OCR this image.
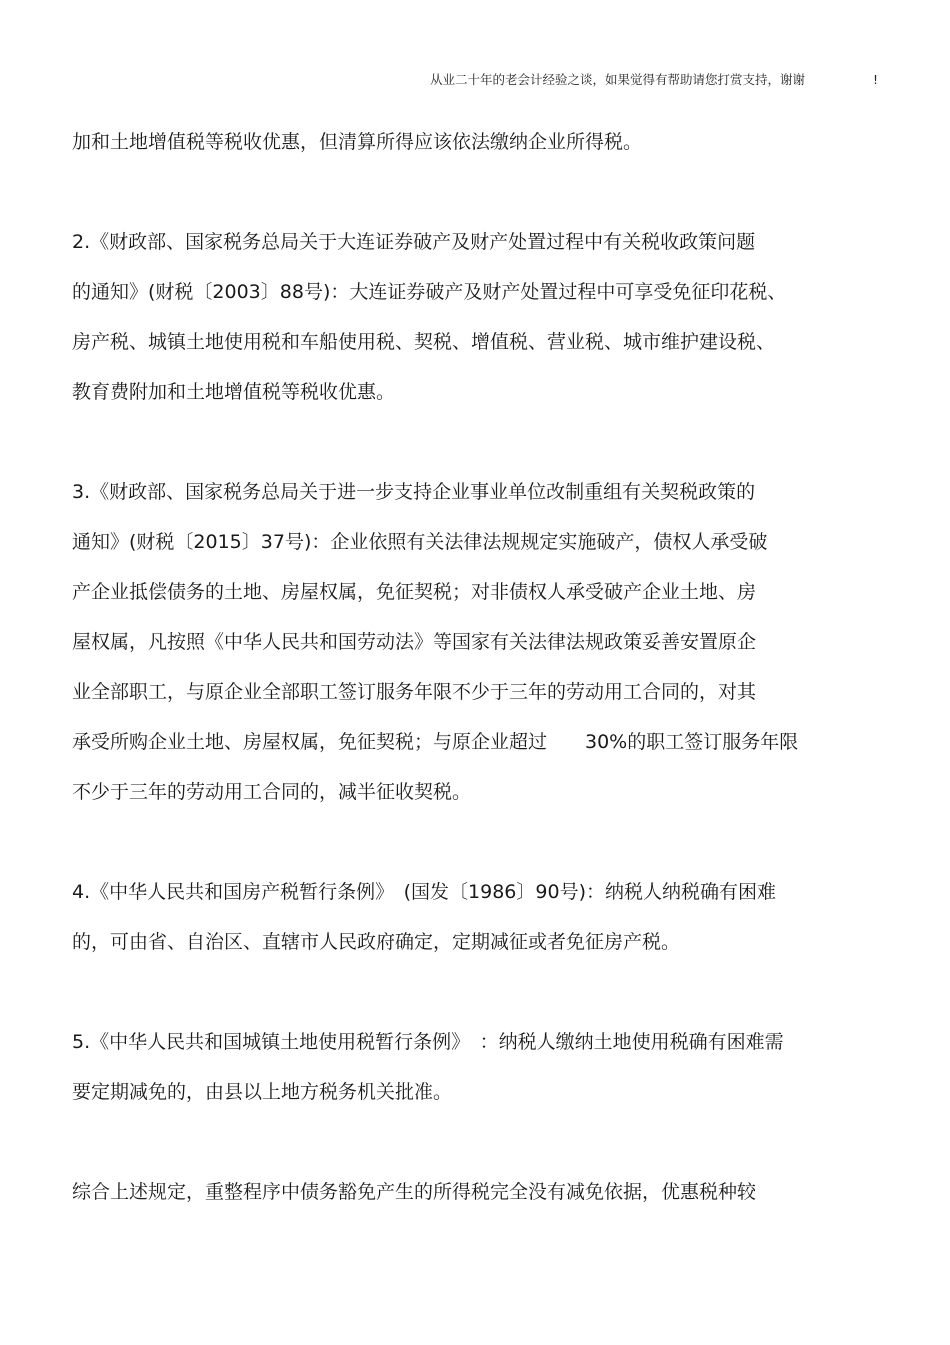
从业二十年的老会计经验之谈，如果觉得有帮助请您打赏支持，谢谢	!
加和土地增值税等税收优惠，但清算所得应该依法缴纳企业所得税。
2.《财政部、国家税务总局关于大连证券破产及财产处置过程中有关税收政策问题
的通知》(财税〔2003〕88号)：大连证券破产及财产处置过程中可享受免征印花税、
房产税、城镇土地使用税和车船使用税、契税、增值税、营业税、城市维护建设税、
教育费附加和土地增值税等税收优惠。
3.《财政部、国家税务总局关于进一步支持企业事业单位改制重组有关契税政策的
通知》(财税〔2015〕37号)：企业依照有关法律法规规定实施破产，债权人承受破
产企业抵偿债务的土地、房屋权属，免征契税；对非债权人承受破产企业土地、房
屋权属，凡按照《中华人民共和国劳动法》等国家有关法律法规政策妥善安置原企
业全部职工，与原企业全部职工签订服务年限不少于三年的劳动用工合同的，对其
承受所购企业土地、房屋权属，免征契税；与原企业超过　　30%的职工签订服务年限
不少于三年的劳动用工合同的，减半征收契税。
4.《中华人民共和国房产税暂行条例》　(国发〔1986〕90号)：纳税人纳税确有困难
的，可由省、自治区、直辖市人民政府确定，定期减征或者免征房产税。
5.《中华人民共和国城镇土地使用税暂行条例》　：纳税人缴纳土地使用税确有困难需
要定期减免的，由县以上地方税务机关批准。
综合上述规定，重整程序中债务豁免产生的所得税完全没有减免依据，优惠税种较
